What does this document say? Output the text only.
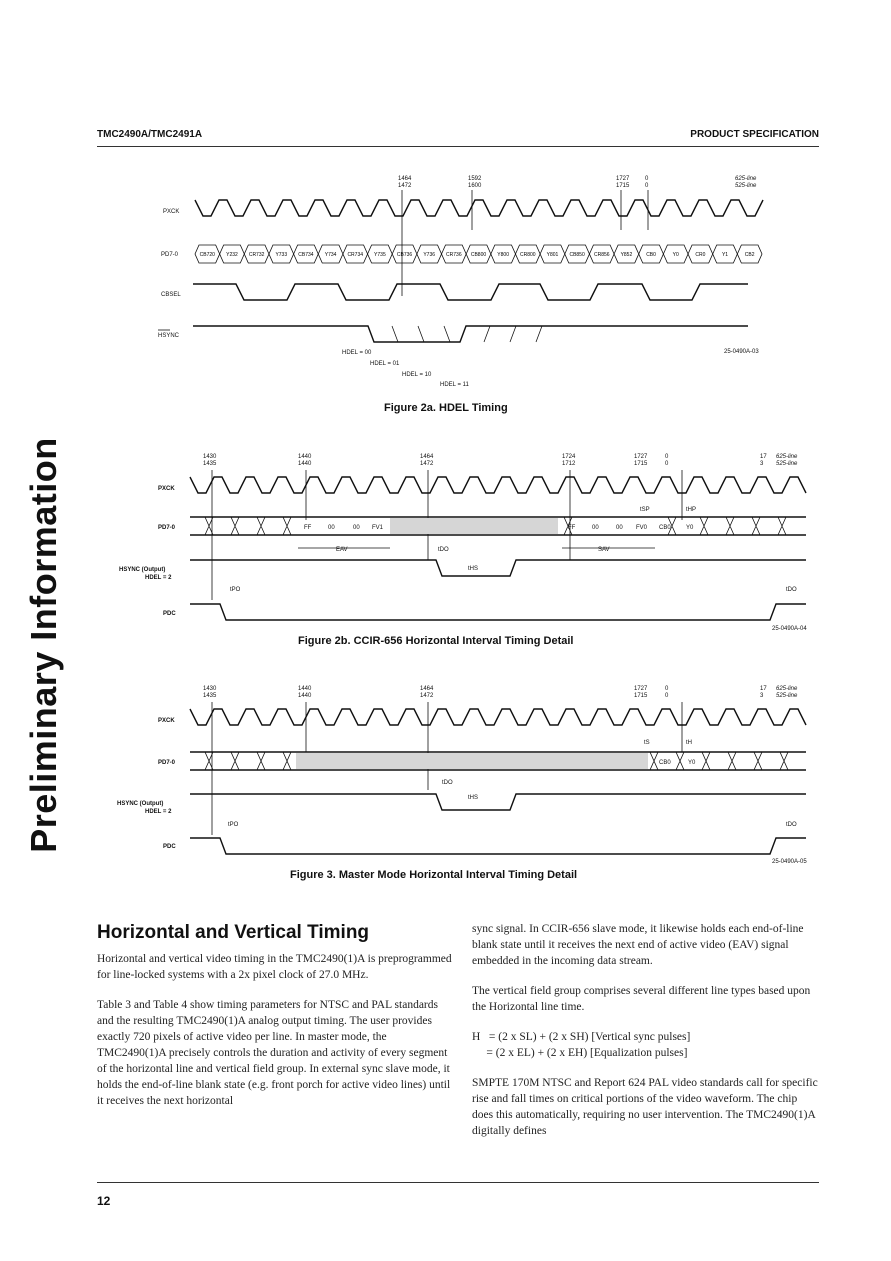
TMC2490A/TMC2491A	PRODUCT SPECIFICATION
Preliminary Information
1464
1472
1592
1600
1727
1715
0
0
625-line
525-line
PXCK
PD7-0	CB720 Y232 CR732 Y733 CB734 Y734 CR734 Y735 CB736 Y736 CR736 CB800 Y800 CR800 Y801 CB850 CR856 Y852	CB0	Y0	CR0	Y1	CB2
CBSEL
HSYNC
HDEL = 00
HDEL = 01
HDEL = 10
HDEL = 11
25-0490A-03
Figure 2a. HDEL Timing
1430
1435
1440
1440
1464
1472
1724
1712
1727
1715
0
0
17
3
625-line
525-line
PXCK
PD7-0	FF	00	00 FV1	FF	00	00 FV0 CB0	Y0
tSP	tHP
EAV	SAV
tDO
HSYNC (Output)
HDEL = 2
tHS
tPO	tDO
PDC
25-0490A-04
Figure 2b. CCIR-656 Horizontal Interval Timing Detail
1430
1435
1440
1440
1464
1472
1727
1715
0
0
17
3
625-line
525-line
PXCK
PD7-0	CB0	Y0
tS	tH
tDO
HSYNC (Output)
HDEL = 2
tHS
tPO	tDO
PDC
25-0490A-05
Figure 3. Master Mode Horizontal Interval Timing Detail
Horizontal and Vertical Timing

Horizontal and vertical video timing in the TMC2490(1)A is preprogrammed for line-locked systems with a 2x pixel clock of 27.0 MHz.

Table 3 and Table 4 show timing parameters for NTSC and PAL standards and the resulting TMC2490(1)A analog output timing. The user provides exactly 720 pixels of active video per line. In master mode, the TMC2490(1)A precisely controls the duration and activity of every segment of the horizontal line and vertical field group. In external sync slave mode, it holds the end-of-line blank state (e.g. front porch for active video lines) until it receives the next horizontal

sync signal. In CCIR-656 slave mode, it likewise holds each end-of-line blank state until it receives the next end of active video (EAV) signal embedded in the incoming data stream.

The vertical field group comprises several different line types based upon the Horizontal line time.

H   = (2 x SL) + (2 x SH) [Vertical sync pulses]

= (2 x EL) + (2 x EH) [Equalization pulses]

SMPTE 170M NTSC and Report 624 PAL video standards call for specific rise and fall times on critical portions of the video waveform. The chip does this automatically, requiring no user intervention. The TMC2490(1)A digitally defines

12
